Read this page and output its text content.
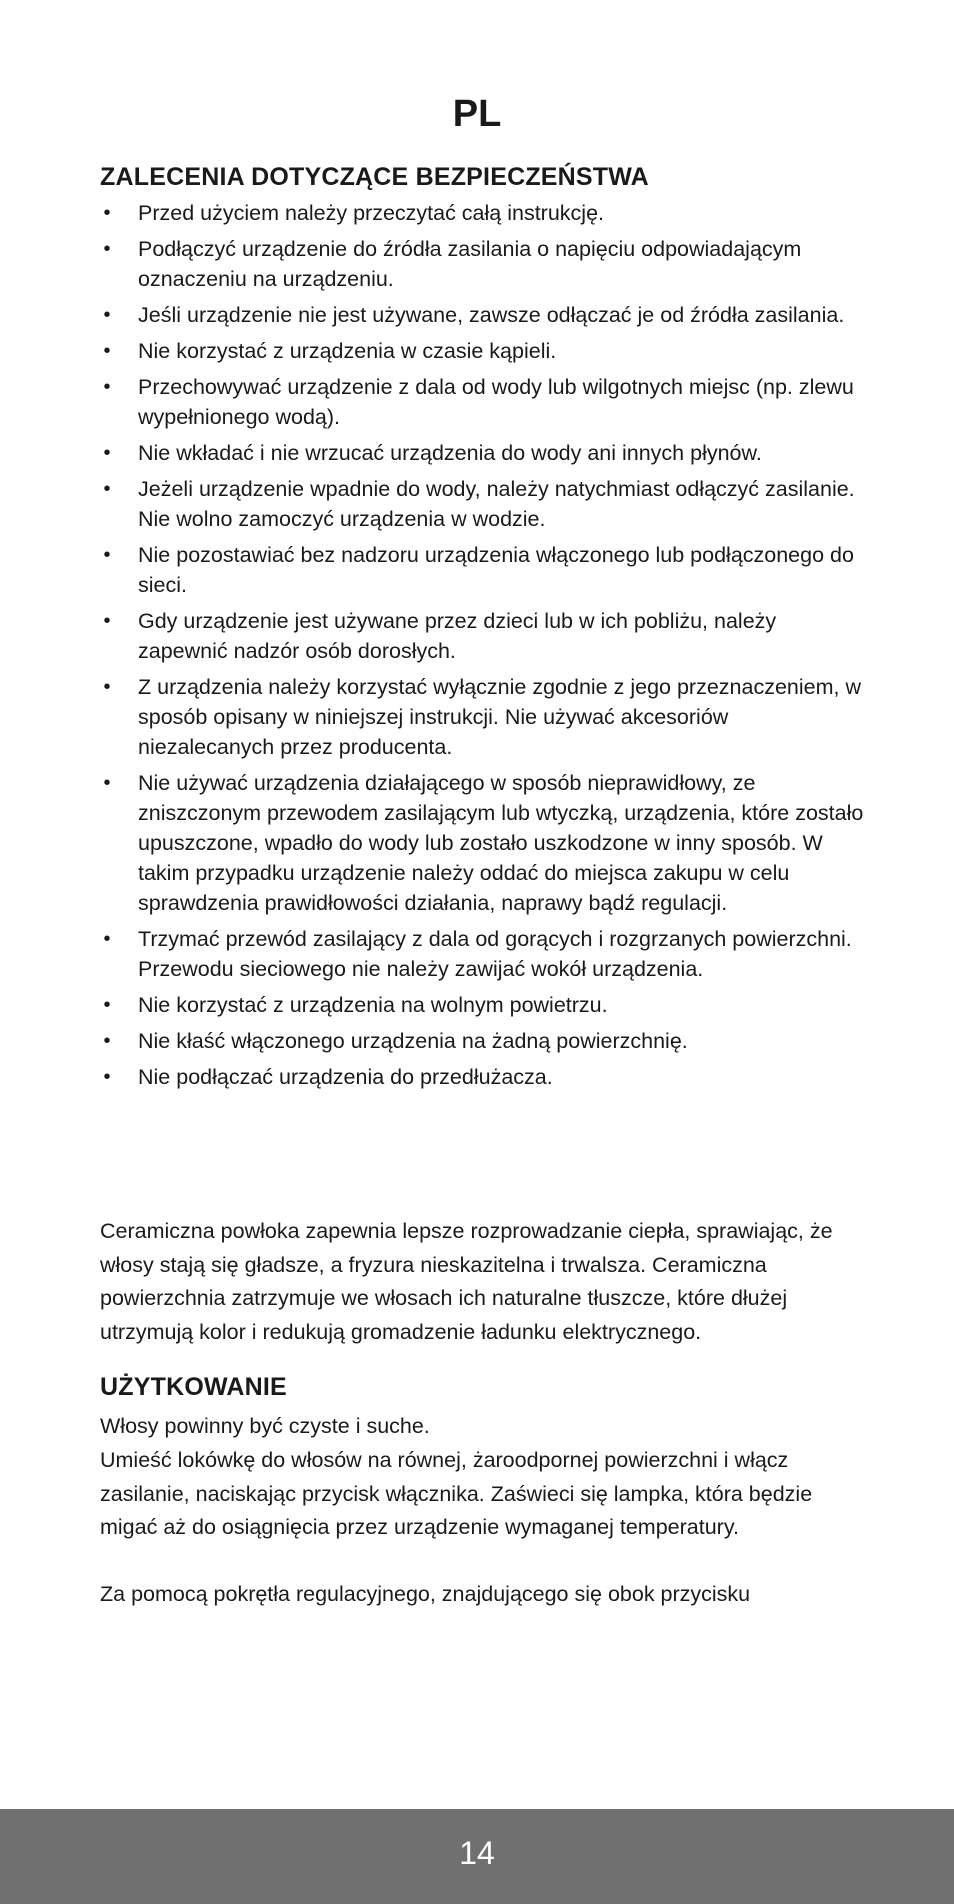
PL
ZALECENIA DOTYCZĄCE BEZPIECZEŃSTWA
• Przed użyciem należy przeczytać całą instrukcję.
• Podłączyć urządzenie do źródła zasilania o napięciu odpowiadającym oznaczeniu na urządzeniu.
• Jeśli urządzenie nie jest używane, zawsze odłączać je od źródła zasilania.
• Nie korzystać z urządzenia w czasie kąpieli.
• Przechowywać urządzenie z dala od wody lub wilgotnych miejsc (np. zlewu wypełnionego wodą).
• Nie wkładać i nie wrzucać urządzenia do wody ani innych płynów.
• Jeżeli urządzenie wpadnie do wody, należy natychmiast odłączyć zasilanie. Nie wolno zamoczyć urządzenia w wodzie.
• Nie pozostawiać bez nadzoru urządzenia włączonego lub podłączonego do sieci.
• Gdy urządzenie jest używane przez dzieci lub w ich pobliżu, należy zapewnić nadzór osób dorosłych.
• Z urządzenia należy korzystać wyłącznie zgodnie z jego przeznaczeniem, w sposób opisany w niniejszej instrukcji. Nie używać akcesoriów niezalecanych przez producenta.
• Nie używać urządzenia działającego w sposób nieprawidłowy, ze zniszczonym przewodem zasilającym lub wtyczką, urządzenia, które zostało upuszczone, wpadło do wody lub zostało uszkodzone w inny sposób. W takim przypadku urządzenie należy oddać do miejsca zakupu w celu sprawdzenia prawidłowości działania, naprawy bądź regulacji.
• Trzymać przewód zasilający z dala od gorących i rozgrzanych powierzchni. Przewodu sieciowego nie należy zawijać wokół urządzenia.
• Nie korzystać z urządzenia na wolnym powietrzu.
• Nie kłaść włączonego urządzenia na żadną powierzchnię.
• Nie podłączać urządzenia do przedłużacza.

Ceramiczna powłoka zapewnia lepsze rozprowadzanie ciepła, sprawiając, że włosy stają się gładsze, a fryzura nieskazitelna i trwalsza. Ceramiczna powierzchnia zatrzymuje we włosach ich naturalne tłuszcze, które dłużej utrzymują kolor i redukują gromadzenie ładunku elektrycznego.

UŻYTKOWANIE

Włosy powinny być czyste i suche.

Umieść lokówkę do włosów na równej, żaroodpornej powierzchni i włącz zasilanie, naciskając przycisk włącznika. Zaświeci się lampka, która będzie migać aż do osiągnięcia przez urządzenie wymaganej temperatury.

Za pomocą pokrętła regulacyjnego, znajdującego się obok przycisku

14
